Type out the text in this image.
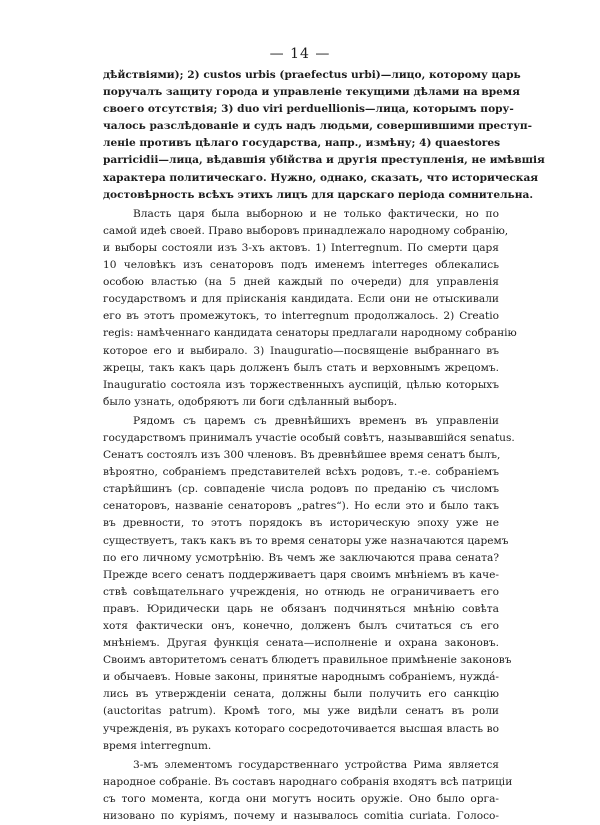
— 14 —
дѣйствіями); 2) custos urbis (praefectus urbi)—лицо, которому царь
поручалъ защиту города и управленіе текущими дѣлами на время
своего отсутствія; 3) duo viri perduellionis—лица, которымъ пору-
чалось разслѣдованіе и судъ надъ людьми, совершившими преступ-
леніе противъ цѣлаго государства, напр., измѣну; 4) quaestores
parricidii—лица, вѣдавшія убійства и другія преступленія, не имѣвшія
характера политическаго. Нужно, однако, сказать, что историческая
достовѣрность всѣхъ этихъ лицъ для царскаго періода сомнительна.
Власть царя была выборною и не только фактически, но по
самой идеѣ своей. Право выборовъ принадлежало народному собранію,
и выборы состояли изъ 3-хъ актовъ. 1) Interregnum. По смерти царя
10 человѣкъ изъ сенаторовъ подъ именемъ interreges облекались
особою властью (на 5 дней каждый по очереди) для управленія
государствомъ и для пріисканія кандидата. Если они не отыскивали
его въ этотъ промежутокъ, то interregnum продолжалось. 2) Creatio
regis: намѣченнаго кандидата сенаторы предлагали народному собранію
которое его и выбирало. 3) Inauguratio—посвященіе выбраннаго въ
жрецы, такъ какъ царь долженъ былъ стать и верховнымъ жрецомъ.
Inauguratio состояла изъ торжественныхъ ауспицій, цѣлью которыхъ
было узнать, одобряютъ ли боги сдѣланный выборъ.
Рядомъ съ царемъ съ древнѣйшихъ временъ въ управленіи
государствомъ принималъ участіе особый совѣтъ, называвшійся senatus.
Сенатъ состоялъ изъ 300 членовъ. Въ древнѣйшее время сенатъ былъ,
вѣроятно, собраніемъ представителей всѣхъ родовъ, т.-е. собраніемъ
старѣйшинъ (ср. совпаденіе числа родовъ по преданію съ числомъ
сенаторовъ, названіе сенаторовъ „patres“). Но если это и было такъ
въ древности, то этотъ порядокъ въ историческую эпоху уже не
существуетъ, такъ какъ въ то время сенаторы уже назначаются царемъ
по его личному усмотрѣнію. Въ чемъ же заключаются права сената?
Прежде всего сенатъ поддерживаетъ царя своимъ мнѣніемъ въ каче-
ствѣ совѣщательнаго учрежденія, но отнюдь не ограничиваетъ его
правъ. Юридически царь не обязанъ подчиняться мнѣнію совѣта
хотя фактически онъ, конечно, долженъ былъ считаться съ его
мнѣніемъ. Другая функція сената—исполненіе и охрана законовъ.
Своимъ авторитетомъ сенатъ блюдетъ правильное примѣненіе законовъ
и обычаевъ. Новые законы, принятые народнымъ собраніемъ, нуждá-
лись въ утвержденіи сената, должны были получить его санкцію
(auctoritas patrum). Кромѣ того, мы уже видѣли сенатъ въ роли
учрежденія, въ рукахъ котораго сосредоточивается высшая власть во
время interregnum.
3-мъ элементомъ государственнаго устройства Рима является
народное собраніе. Въ составъ народнаго собранія входятъ всѣ патриціи
съ того момента, когда они могутъ носить оружіе. Оно было орга-
низовано по куріямъ, почему и называлось comitia curiata. Голосо-
